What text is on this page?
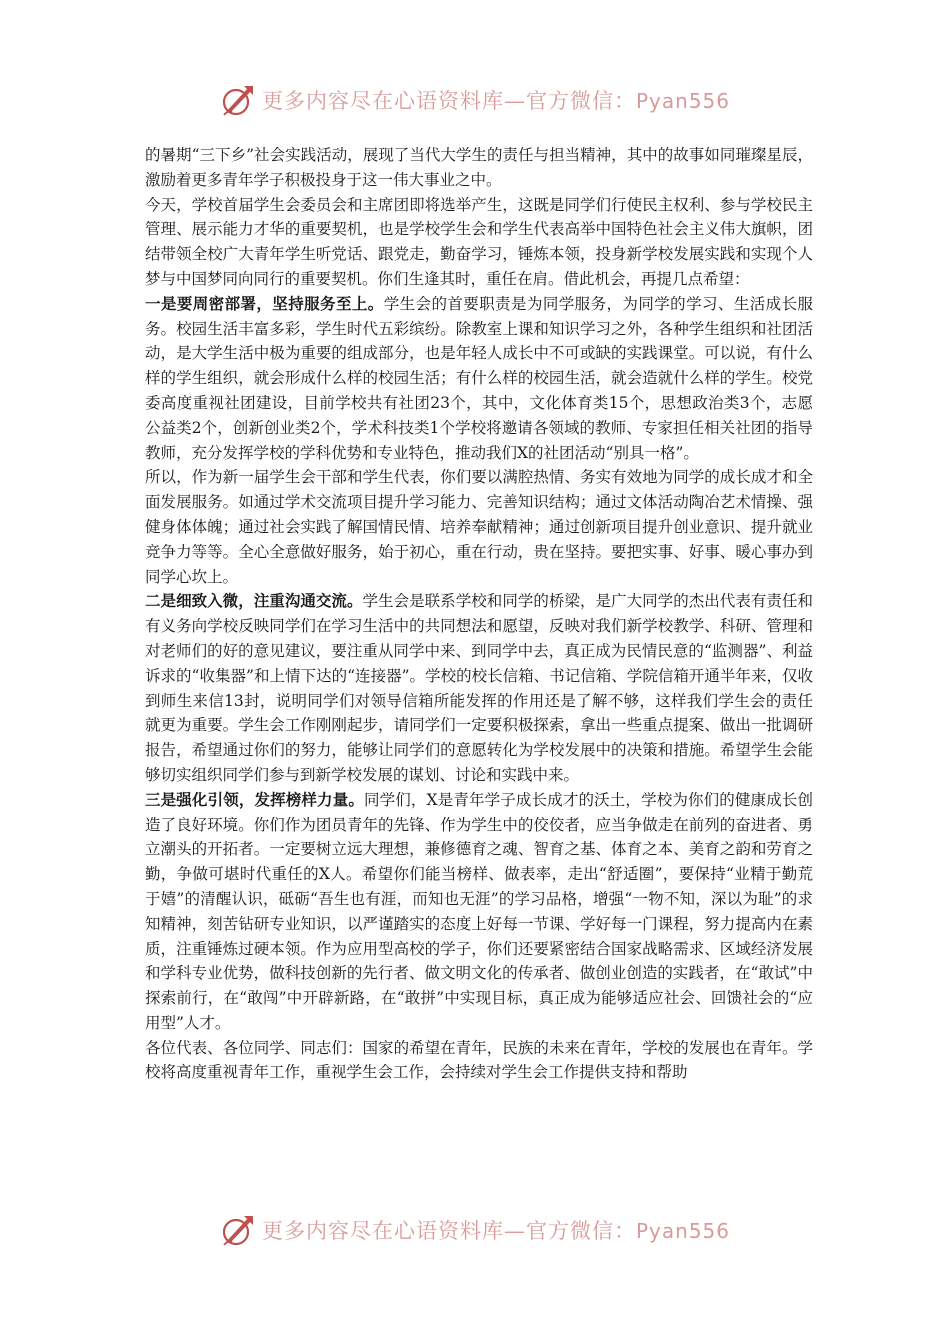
更多内容尽在心语资料库—官方微信：Pyan556

的暑期“三下乡”社会实践活动，展现了当代大学生的责任与担当精神，其中的故事如同璀璨星辰，激励着更多青年学子积极投身于这一伟大事业之中。

今天，学校首届学生会委员会和主席团即将选举产生，这既是同学们行使民主权利、参与学校民主管理、展示能力才华的重要契机，也是学校学生会和学生代表高举中国特色社会主义伟大旗帜，团结带领全校广大青年学生听党话、跟党走，勤奋学习，锤炼本领，投身新学校发展实践和实现个人梦与中国梦同向同行的重要契机。你们生逢其时，重任在肩。借此机会，再提几点希望：

一是要周密部署，坚持服务至上。学生会的首要职责是为同学服务，为同学的学习、生活成长服务。校园生活丰富多彩，学生时代五彩缤纷。除教室上课和知识学习之外，各种学生组织和社团活动，是大学生活中极为重要的组成部分，也是年轻人成长中不可或缺的实践课堂。可以说，有什么样的学生组织，就会形成什么样的校园生活；有什么样的校园生活，就会造就什么样的学生。校党委高度重视社团建设，目前学校共有社团23个，其中，文化体育类15个，思想政治类3个，志愿公益类2个，创新创业类2个，学术科技类1个学校将邀请各领域的教师、专家担任相关社团的指导教师，充分发挥学校的学科优势和专业特色，推动我们X的社团活动“别具一格”。

所以，作为新一届学生会干部和学生代表，你们要以满腔热情、务实有效地为同学的成长成才和全面发展服务。如通过学术交流项目提升学习能力、完善知识结构；通过文体活动陶冶艺术情操、强健身体体魄；通过社会实践了解国情民情、培养奉献精神；通过创新项目提升创业意识、提升就业竞争力等等。全心全意做好服务，始于初心，重在行动，贵在坚持。要把实事、好事、暖心事办到同学心坎上。

二是细致入微，注重沟通交流。学生会是联系学校和同学的桥梁，是广大同学的杰出代表有责任和有义务向学校反映同学们在学习生活中的共同想法和愿望，反映对我们新学校教学、科研、管理和对老师们的好的意见建议，要注重从同学中来、到同学中去，真正成为民情民意的“监测器”、利益诉求的“收集器”和上情下达的“连接器”。学校的校长信箱、书记信箱、学院信箱开通半年来，仅收到师生来信13封，说明同学们对领导信箱所能发挥的作用还是了解不够，这样我们学生会的责任就更为重要。学生会工作刚刚起步，请同学们一定要积极探索，拿出一些重点提案、做出一批调研报告，希望通过你们的努力，能够让同学们的意愿转化为学校发展中的决策和措施。希望学生会能够切实组织同学们参与到新学校发展的谋划、讨论和实践中来。

三是强化引领，发挥榜样力量。同学们，X是青年学子成长成才的沃土，学校为你们的健康成长创造了良好环境。你们作为团员青年的先锋、作为学生中的佼佼者，应当争做走在前列的奋进者、勇立潮头的开拓者。一定要树立远大理想，兼修德育之魂、智育之基、体育之本、美育之韵和劳育之勤，争做可堪时代重任的X人。希望你们能当榜样、做表率，走出“舒适圈”，要保持“业精于勤荒于嬉”的清醒认识，砥砺“吾生也有涯，而知也无涯”的学习品格，增强“一物不知，深以为耻”的求知精神，刻苦钻研专业知识，以严谨踏实的态度上好每一节课、学好每一门课程，努力提高内在素质，注重锤炼过硬本领。作为应用型高校的学子，你们还要紧密结合国家战略需求、区域经济发展和学科专业优势，做科技创新的先行者、做文明文化的传承者、做创业创造的实践者，在“敢试”中探索前行，在“敢闯”中开辟新路，在“敢拼”中实现目标，真正成为能够适应社会、回馈社会的“应用型”人才。

各位代表、各位同学、同志们：国家的希望在青年，民族的未来在青年，学校的发展也在青年。学校将高度重视青年工作，重视学生会工作，会持续对学生会工作提供支持和帮助

更多内容尽在心语资料库—官方微信：Pyan556
